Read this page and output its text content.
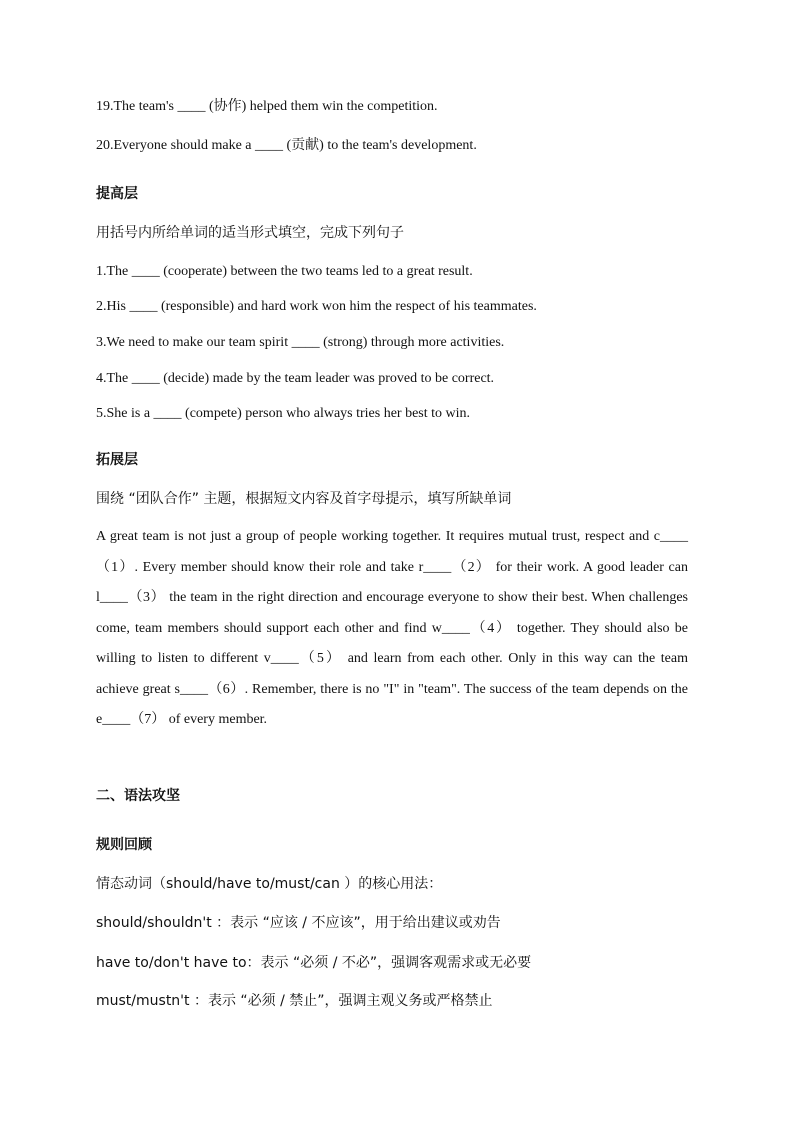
19.The team's ____ (协作) helped them win the competition.
20.Everyone should make a ____ (贡献) to the team's development.
提高层
用括号内所给单词的适当形式填空，完成下列句子
1.The ____ (cooperate) between the two teams led to a great result.
2.His ____ (responsible) and hard work won him the respect of his teammates.
3.We need to make our team spirit ____ (strong) through more activities.
4.The ____ (decide) made by the team leader was proved to be correct.
5.She is a ____ (compete) person who always tries her best to win.
拓展层
围绕 “团队合作” 主题，根据短文内容及首字母提示，填写所缺单词
A great team is not just a group of people working together. It requires mutual trust, respect and c____（1）. Every member should know their role and take r____（2） for their work. A good leader can l____（3） the team in the right direction and encourage everyone to show their best. When challenges come, team members should support each other and find w____（4） together. They should also be willing to listen to different v____（5） and learn from each other. Only in this way can the team achieve great s____（6）. Remember, there is no "I" in "team". The success of the team depends on the e____（7） of every member.
二、语法攻坚
规则回顾
情态动词（should/have to/must/can ）的核心用法：
should/shouldn't ：表示 “应该 / 不应该”，用于给出建议或劝告
have to/don't have to：表示 “必须 / 不必”，强调客观需求或无必要
must/mustn't ：表示 “必须 / 禁止”，强调主观义务或严格禁止
